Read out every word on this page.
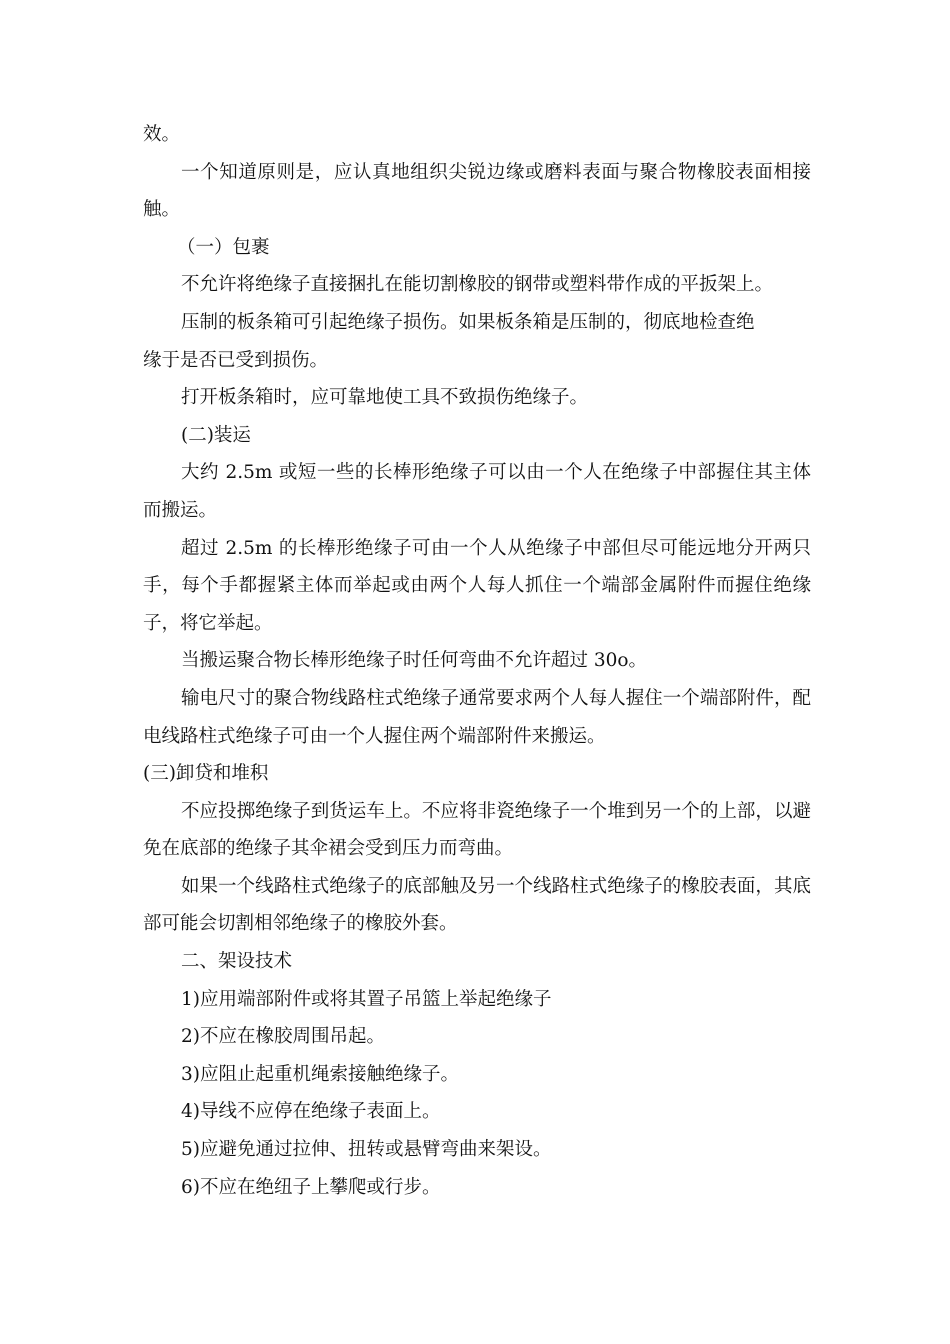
效。

一个知道原则是，应认真地组织尖锐边缘或磨料表面与聚合物橡胶表面相接触。

（一）包裹

不允许将绝缘子直接捆扎在能切割橡胶的钢带或塑料带作成的平扳架上。

压制的板条箱可引起绝缘子损伤。如果板条箱是压制的，彻底地检查绝
缘于是否已受到损伤。

打开板条箱时，应可靠地使工具不致损伤绝缘子。

(二)装运

大约 2.5m 或短一些的长棒形绝缘子可以由一个人在绝缘子中部握住其主体而搬运。

超过 2.5m 的长棒形绝缘子可由一个人从绝缘子中部但尽可能远地分开两只手，每个手都握紧主体而举起或由两个人每人抓住一个端部金属附件而握住绝缘子，将它举起。

当搬运聚合物长棒形绝缘子时任何弯曲不允许超过 30o。

输电尺寸的聚合物线路柱式绝缘子通常要求两个人每人握住一个端部附件，配电线路柱式绝缘子可由一个人握住两个端部附件来搬运。

(三)卸贷和堆积

不应投掷绝缘子到货运车上。不应将非瓷绝缘子一个堆到另一个的上部，以避免在底部的绝缘子其伞裙会受到压力而弯曲。

如果一个线路柱式绝缘子的底部触及另一个线路柱式绝缘子的橡胶表面，其底部可能会切割相邻绝缘子的橡胶外套。

二、架设技术

1)应用端部附件或将其置子吊篮上举起绝缘子

2)不应在橡胶周围吊起。

3)应阻止起重机绳索接触绝缘子。

4)导线不应停在绝缘子表面上。

5)应避免通过拉伸、扭转或悬臂弯曲来架设。

6)不应在绝纽子上攀爬或行步。
